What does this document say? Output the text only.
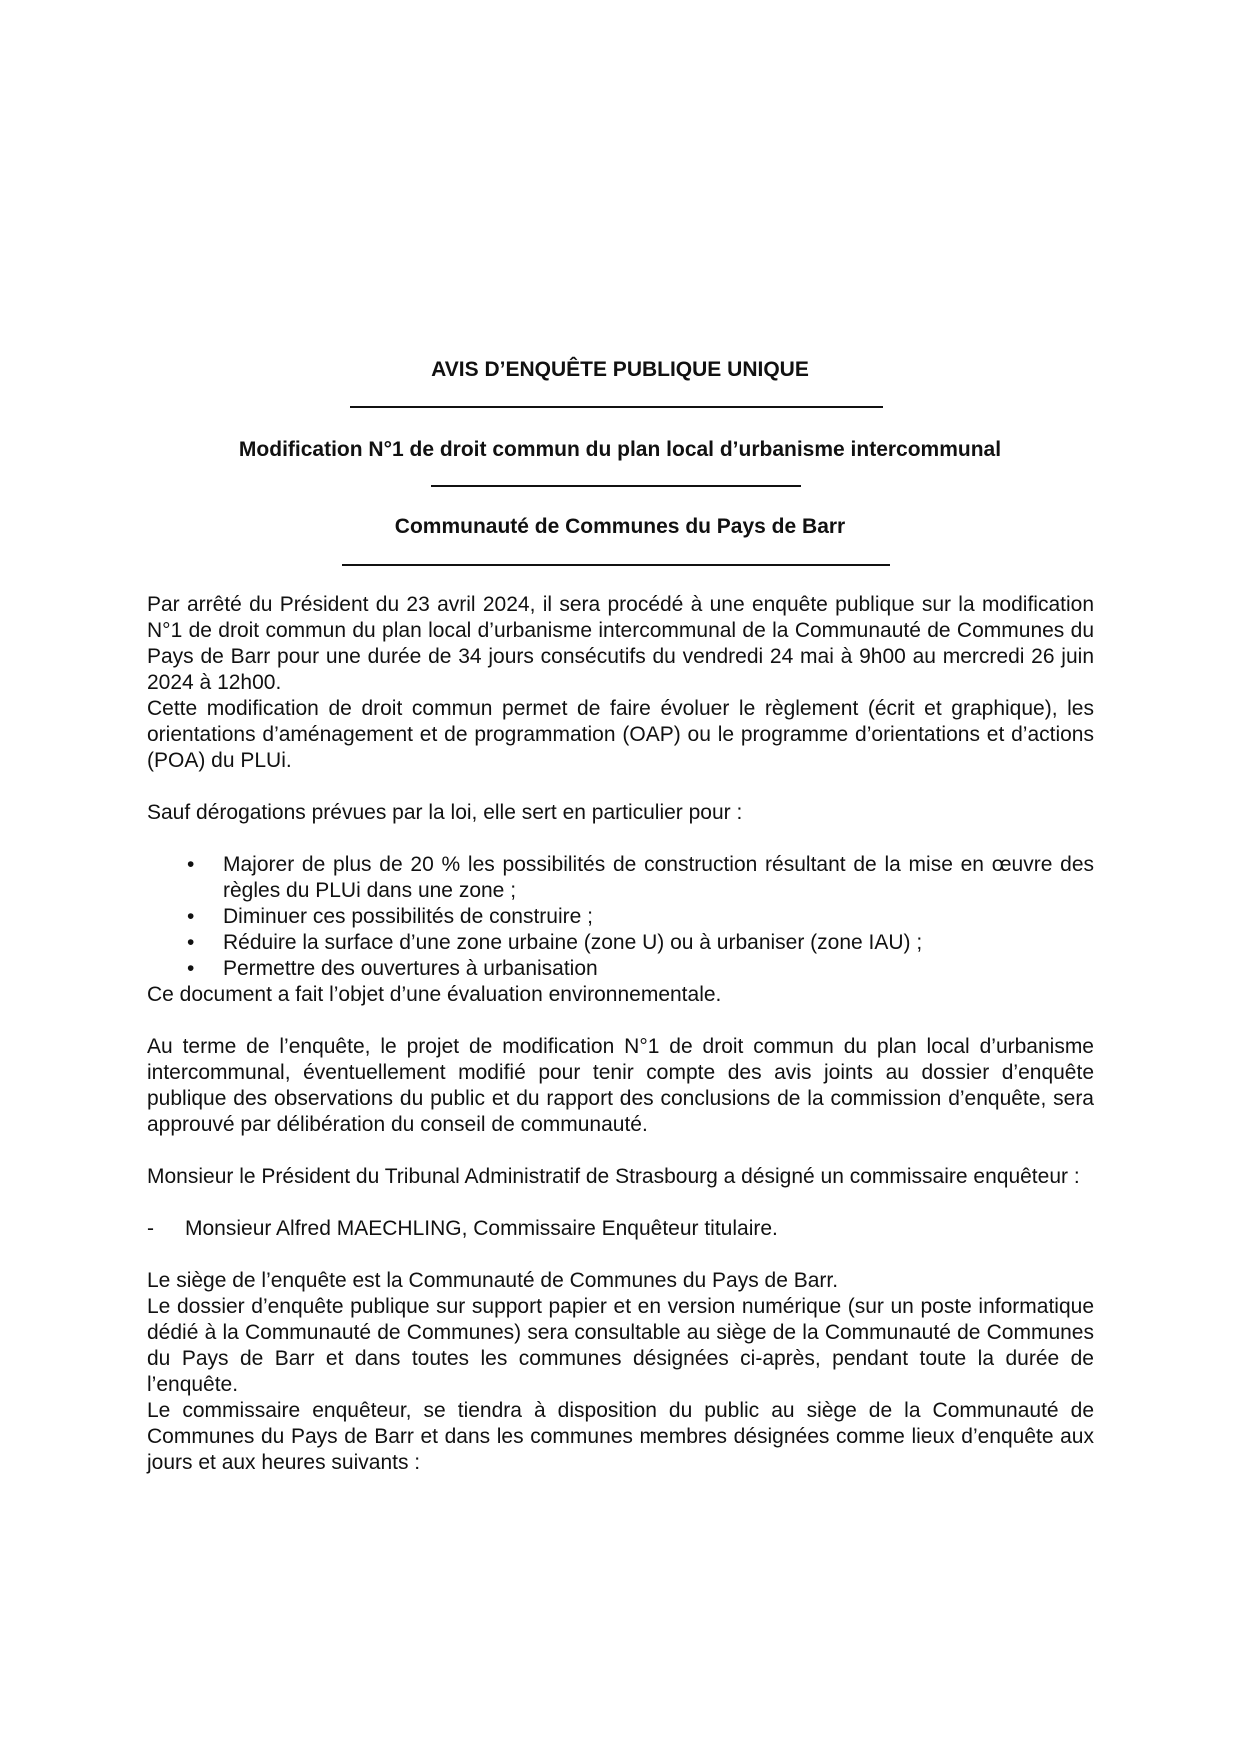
AVIS D’ENQUÊTE PUBLIQUE UNIQUE
Modification N°1 de droit commun du plan local d’urbanisme intercommunal
Communauté de Communes du Pays de Barr

Par arrêté du Président du 23 avril 2024, il sera procédé à une enquête publique sur la modification N°1 de droit commun du plan local d’urbanisme intercommunal de la Communauté de Communes du Pays de Barr pour une durée de 34 jours consécutifs du vendredi 24 mai à 9h00 au mercredi 26 juin 2024 à 12h00.

Cette modification de droit commun permet de faire évoluer le règlement (écrit et graphique), les orientations d’aménagement et de programmation (OAP) ou le programme d’orientations et d’actions (POA) du PLUi.

Sauf dérogations prévues par la loi, elle sert en particulier pour :

• Majorer de plus de 20 % les possibilités de construction résultant de la mise en œuvre des règles du PLUi dans une zone ;
• Diminuer ces possibilités de construire ;
• Réduire la surface d’une zone urbaine (zone U) ou à urbaniser (zone IAU) ;
• Permettre des ouvertures à urbanisation

Ce document a fait l’objet d’une évaluation environnementale.

Au terme de l’enquête, le projet de modification N°1 de droit commun du plan local d’urbanisme intercommunal, éventuellement modifié pour tenir compte des avis joints au dossier d’enquête publique des observations du public et du rapport des conclusions de la commission d’enquête, sera approuvé par délibération du conseil de communauté.

Monsieur le Président du Tribunal Administratif de Strasbourg a désigné un commissaire enquêteur :

- Monsieur Alfred MAECHLING, Commissaire Enquêteur titulaire.

Le siège de l’enquête est la Communauté de Communes du Pays de Barr.

Le dossier d’enquête publique sur support papier et en version numérique (sur un poste informatique dédié à la Communauté de Communes) sera consultable au siège de la Communauté de Communes du Pays de Barr et dans toutes les communes désignées ci-après, pendant toute la durée de l’enquête.

Le commissaire enquêteur, se tiendra à disposition du public au siège de la Communauté de Communes du Pays de Barr et dans les communes membres désignées comme lieux d’enquête aux jours et aux heures suivants :
